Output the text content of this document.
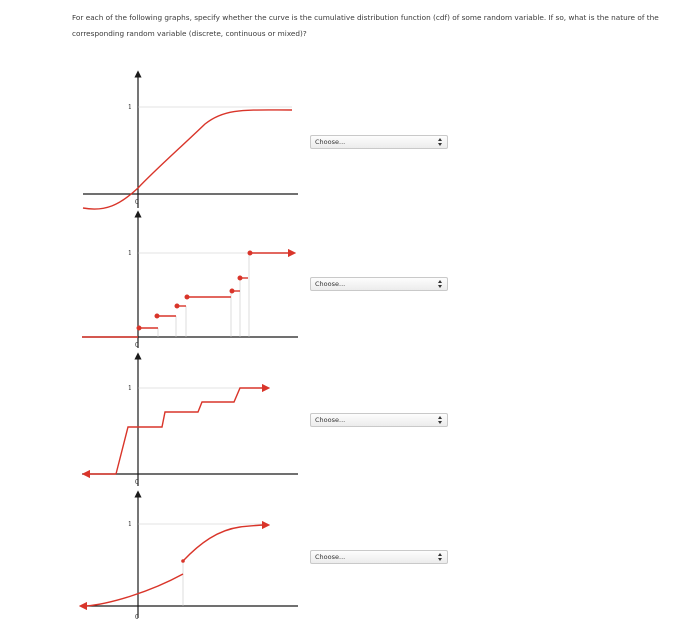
For each of the following graphs, specify whether the curve is the cumulative distribution function (cdf) of some random variable. If so, what is the nature of the corresponding random variable (discrete, continuous or mixed)?
1
0
1
0
1
0
1
0
Choose...
Choose...
Choose...
Choose...
